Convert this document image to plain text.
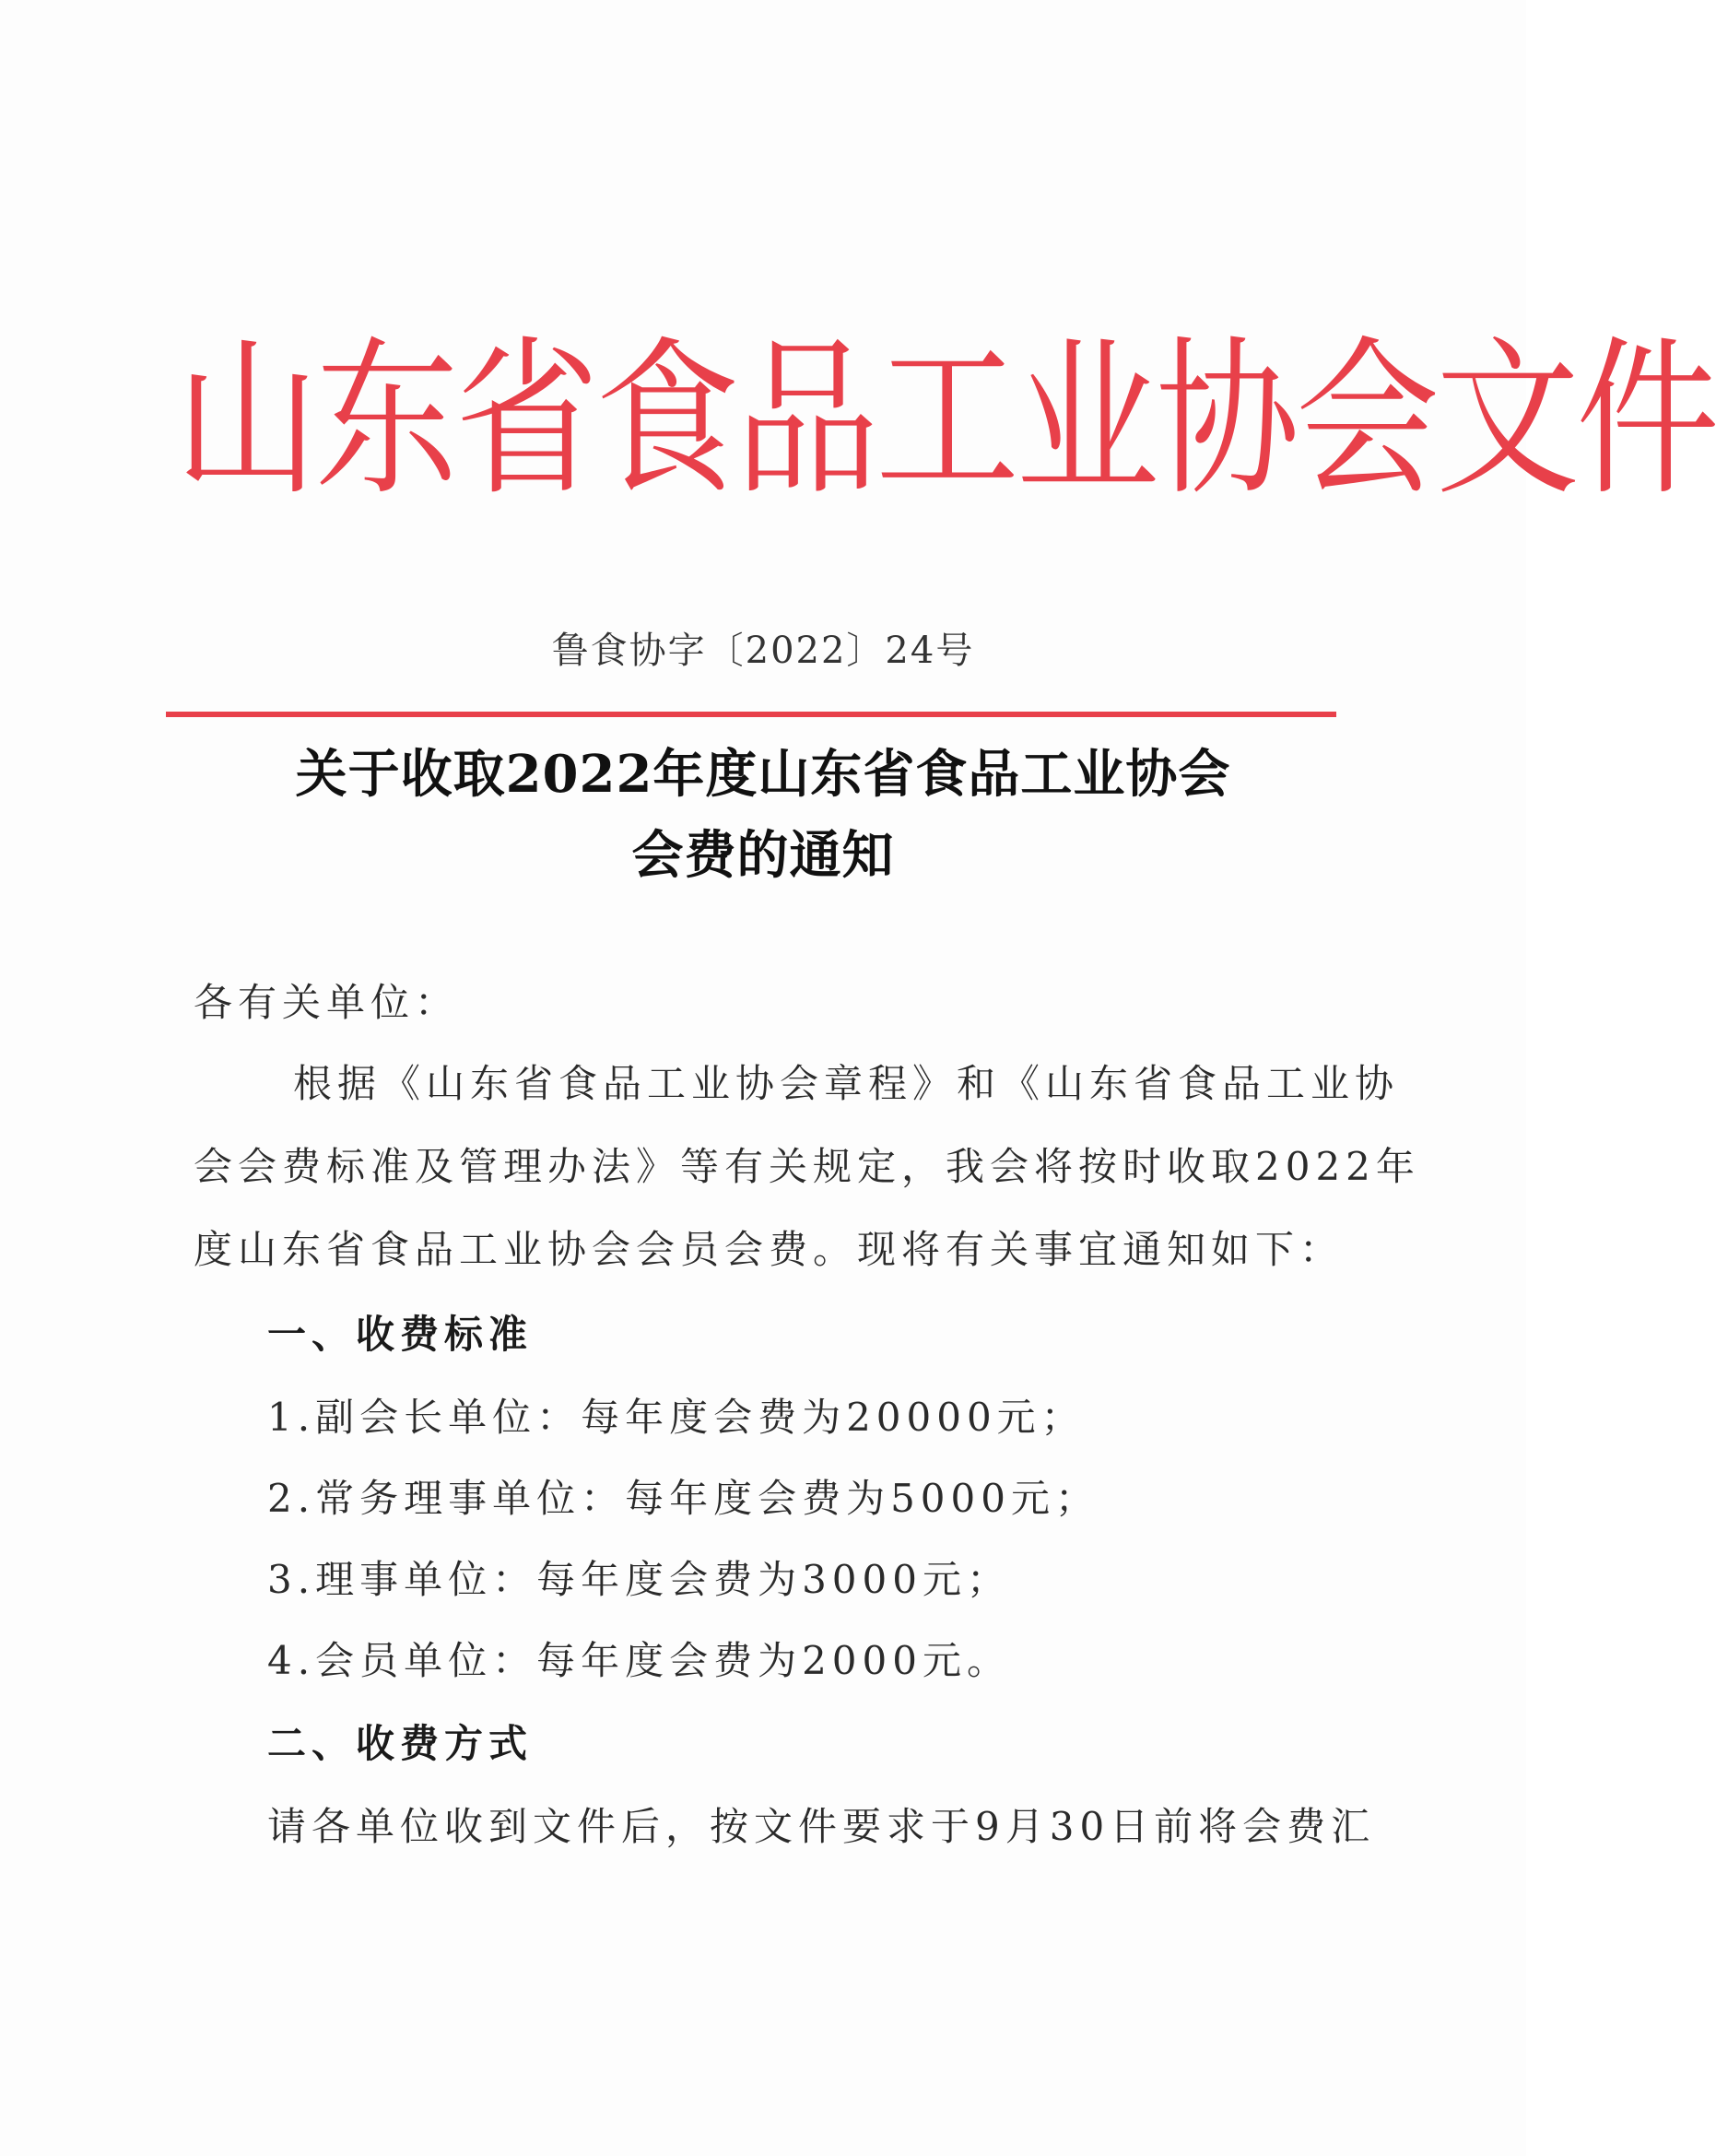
山东省食品工业协会文件
鲁食协字〔2022〕24号
关于收取2022年度山东省食品工业协会
会费的通知
各有关单位：
根据《山东省食品工业协会章程》和《山东省食品工业协
会会费标准及管理办法》等有关规定，我会将按时收取2022年
度山东省食品工业协会会员会费。现将有关事宜通知如下：
一、收费标准
1.副会长单位：每年度会费为20000元；
2.常务理事单位：每年度会费为5000元；
3.理事单位：每年度会费为3000元；
4.会员单位：每年度会费为2000元。
二、收费方式
请各单位收到文件后，按文件要求于9月30日前将会费汇
